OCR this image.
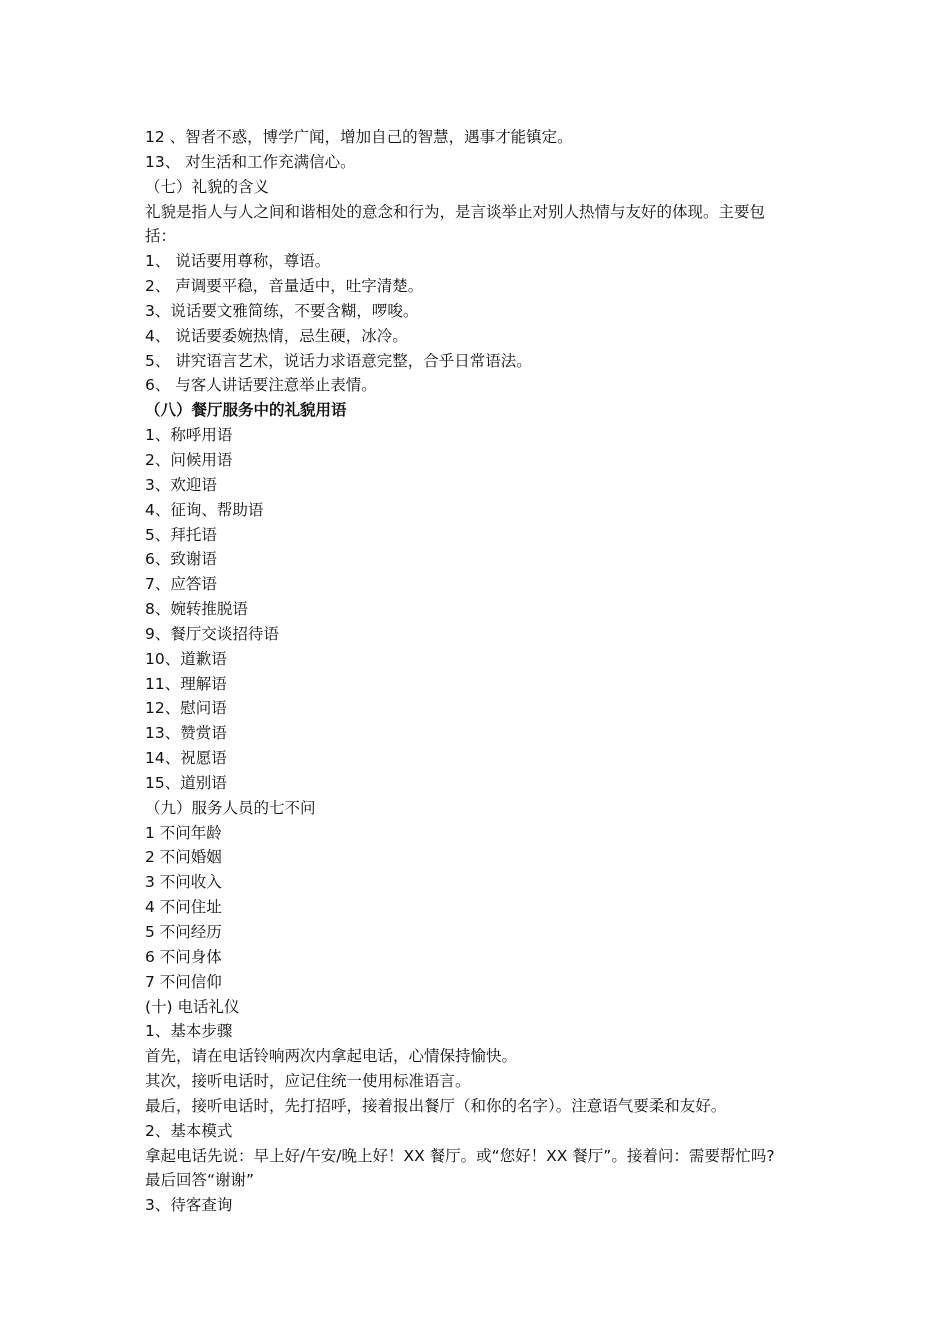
12 、智者不惑，博学广闻，增加自己的智慧，遇事才能镇定。
13、 对生活和工作充满信心。
（七）礼貌的含义
礼貌是指人与人之间和谐相处的意念和行为，是言谈举止对别人热情与友好的体现。主要包
括：
1、 说话要用尊称，尊语。
2、 声调要平稳，音量适中，吐字清楚。
3、说话要文雅简练，不要含糊，啰唆。
4、 说话要委婉热情，忌生硬，冰冷。
5、 讲究语言艺术，说话力求语意完整，合乎日常语法。
6、 与客人讲话要注意举止表情。
（八）餐厅服务中的礼貌用语
1、称呼用语
2、问候用语
3、欢迎语
4、征询、帮助语
5、拜托语
6、致谢语
7、应答语
8、婉转推脱语
9、餐厅交谈招待语
10、道歉语
11、理解语
12、慰问语
13、赞赏语
14、祝愿语
15、道别语
（九）服务人员的七不问
1 不问年龄
2 不问婚姻
3 不问收入
4 不问住址
5 不问经历
6 不问身体
7 不问信仰
(十) 电话礼仪
1、基本步骤
首先，请在电话铃响两次内拿起电话，心情保持愉快。
其次，接听电话时，应记住统一使用标准语言。
最后，接听电话时，先打招呼，接着报出餐厅（和你的名字）。注意语气要柔和友好。
2、基本模式
拿起电话先说：早上好/午安/晚上好！XX 餐厅。或“您好！XX 餐厅”。接着问：需要帮忙吗?
最后回答“谢谢”
3、待客查询
